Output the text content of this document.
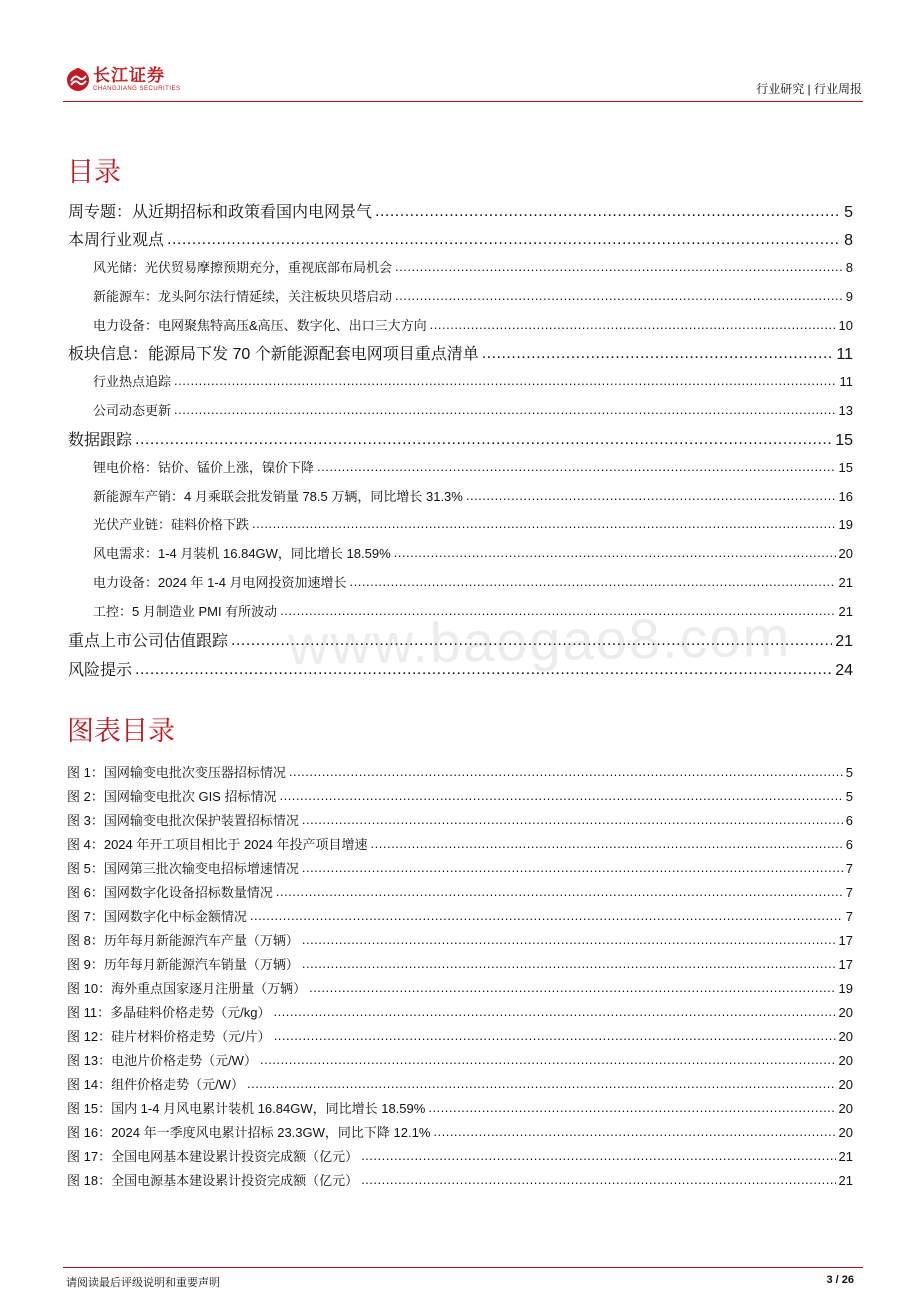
长江证券
CHANGJIANG SECURITIES	行业研究 | 行业周报
目录
周专题：从近期招标和政策看国内电网景气 .....	5
本周行业观点 .....	8
风光储：光伏贸易摩擦预期充分，重视底部布局机会 .....	8
新能源车：龙头阿尔法行情延续，关注板块贝塔启动 .....	9
电力设备：电网聚焦特高压&高压、数字化、出口三大方向 .....	10
板块信息：能源局下发 70 个新能源配套电网项目重点清单 .....	11
行业热点追踪 .....	11
公司动态更新 .....	13
数据跟踪 .....	15
锂电价格：钴价、锰价上涨，镍价下降 .....	15
新能源车产销：4 月乘联会批发销量 78.5 万辆，同比增长 31.3% .....	16
光伏产业链：硅料价格下跌 .....	19
风电需求：1-4 月装机 16.84GW，同比增长 18.59% .....	20
电力设备：2024 年 1-4 月电网投资加速增长 .....	21
工控：5 月制造业 PMI 有所波动 .....	21
重点上市公司估值跟踪 .....	21
风险提示 .....	24
www.baogao8.com
图表目录
图 1：国网输变电批次变压器招标情况 .....	5
图 2：国网输变电批次 GIS 招标情况 .....	5
图 3：国网输变电批次保护装置招标情况 .....	6
图 4：2024 年开工项目相比于 2024 年投产项目增速 .....	6
图 5：国网第三批次输变电招标增速情况 .....	7
图 6：国网数字化设备招标数量情况 .....	7
图 7：国网数字化中标金额情况 .....	7
图 8：历年每月新能源汽车产量（万辆） .....	17
图 9：历年每月新能源汽车销量（万辆） .....	17
图 10：海外重点国家逐月注册量（万辆） .....	19
图 11：多晶硅料价格走势（元/kg） .....	20
图 12：硅片材料价格走势（元/片） .....	20
图 13：电池片价格走势（元/W） .....	20
图 14：组件价格走势（元/W） .....	20
图 15：国内 1-4 月风电累计装机 16.84GW，同比增长 18.59% .....	20
图 16：2024 年一季度风电累计招标 23.3GW，同比下降 12.1% .....	20
图 17：全国电网基本建设累计投资完成额（亿元） .....	21
图 18：全国电源基本建设累计投资完成额（亿元） .....	21
请阅读最后评级说明和重要声明	3 / 26
